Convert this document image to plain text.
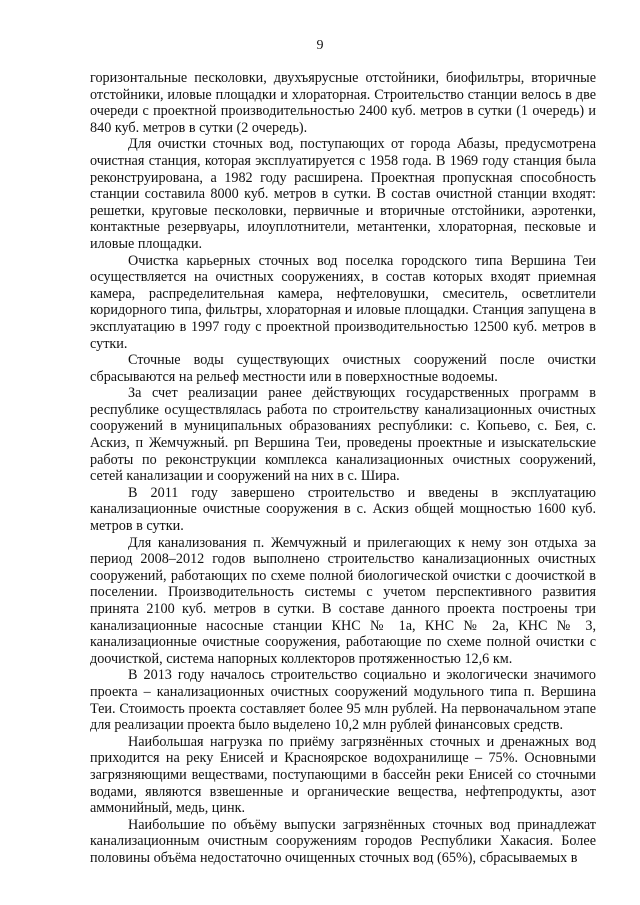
9

горизонтальные песколовки, двухъярусные отстойники, биофильтры, вторичные отстойники, иловые площадки и хлораторная. Строительство станции велось в две очереди с проектной производительностью 2400 куб. метров в сутки (1 очередь) и 840 куб. метров в сутки (2 очередь).

Для очистки сточных вод, поступающих от города Абазы, предусмотрена очистная станция, которая эксплуатируется с 1958 года. В 1969 году станция была реконструирована, а 1982 году расширена. Проектная пропускная способность станции составила 8000 куб. метров в сутки. В состав очистной станции входят: решетки, круговые песколовки, первичные и вторичные отстойники, аэротенки, контактные резервуары, илоуплотнители, метантенки, хлораторная, песковые и иловые площадки.

Очистка карьерных сточных вод поселка городского типа Вершина Теи осуществляется на очистных сооружениях, в состав которых входят приемная камера, распределительная камера, нефтеловушки, смеситель, осветлители коридорного типа, фильтры, хлораторная и иловые площадки. Станция запущена в эксплуатацию в 1997 году с проектной производительностью 12500 куб. метров в сутки.

Сточные воды существующих очистных сооружений после очистки сбрасываются на рельеф местности или в поверхностные водоемы.

За счет реализации ранее действующих государственных программ в республике осуществлялась работа по строительству канализационных очистных сооружений в муниципальных образованиях республики: с. Копьево, с. Бея, с. Аскиз, п Жемчужный. рп Вершина Теи, проведены проектные и изыскательские работы по реконструкции комплекса канализационных очистных сооружений, сетей канализации и сооружений на них в с. Шира.

В 2011 году завершено строительство и введены в эксплуатацию канализационные очистные сооружения в с. Аскиз общей мощностью 1600 куб. метров в сутки.

Для канализования п. Жемчужный и прилегающих к нему зон отдыха за период 2008–2012 годов выполнено строительство канализационных очистных сооружений, работающих по схеме полной биологической очистки с доочисткой в поселении. Производительность системы с учетом перспективного развития принята 2100 куб. метров в сутки. В составе данного проекта построены три канализационные насосные станции КНС № 1а, КНС № 2а, КНС № 3, канализационные очистные сооружения, работающие по схеме полной очистки с доочисткой, система напорных коллекторов протяженностью 12,6 км.

В 2013 году началось строительство социально и экологически значимого проекта – канализационных очистных сооружений модульного типа п. Вершина Теи. Стоимость проекта составляет более 95 млн рублей. На первоначальном этапе для реализации проекта было выделено 10,2 млн рублей финансовых средств.

Наибольшая нагрузка по приёму загрязнённых сточных и дренажных вод приходится на реку Енисей и Красноярское водохранилище – 75%. Основными загрязняющими веществами, поступающими в бассейн реки Енисей со сточными водами, являются взвешенные и органические вещества, нефтепродукты, азот аммонийный, медь, цинк.

Наибольшие по объёму выпуски загрязнённых сточных вод принадлежат канализационным очистным сооружениям городов Республики Хакасия. Более половины объёма недостаточно очищенных сточных вод (65%), сбрасываемых в
